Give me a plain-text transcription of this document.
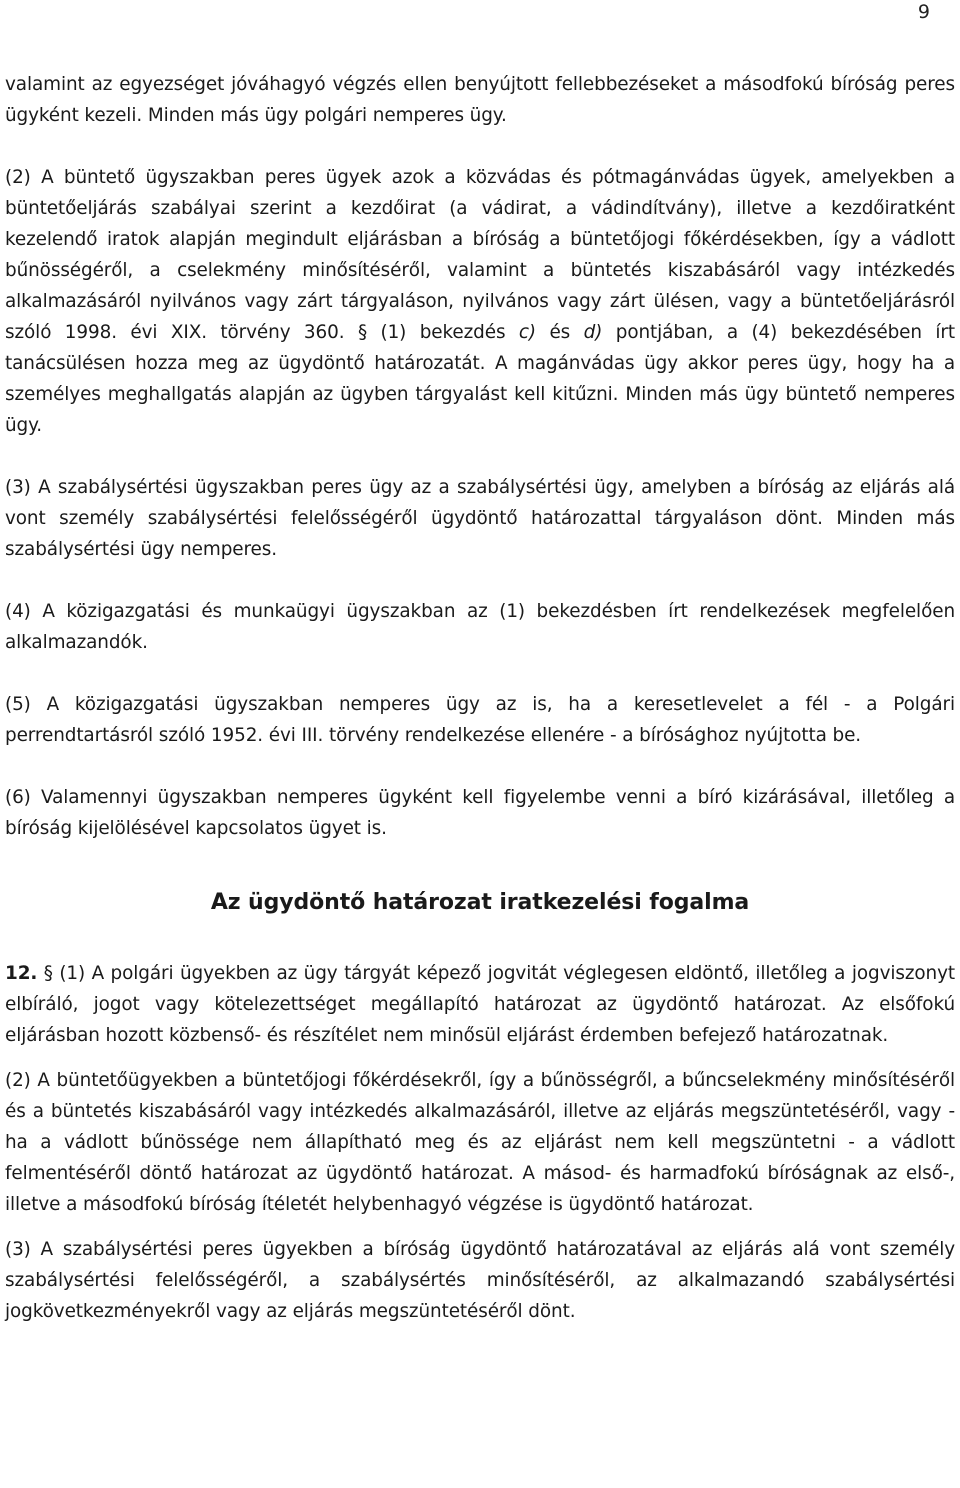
9

valamint az egyezséget jóváhagyó végzés ellen benyújtott fellebbezéseket a másodfokú bíróság peres ügyként kezeli. Minden más ügy polgári nemperes ügy.

(2) A büntető ügyszakban peres ügyek azok a közvádas és pótmagánvádas ügyek, amelyekben a büntetőeljárás szabályai szerint a kezdőirat (a vádirat, a vádindítvány), illetve a kezdőiratként kezelendő iratok alapján megindult eljárásban a bíróság a büntetőjogi főkérdésekben, így a vádlott bűnösségéről, a cselekmény minősítéséről, valamint a büntetés kiszabásáról vagy intézkedés alkalmazásáról nyilvános vagy zárt tárgyaláson, nyilvános vagy zárt ülésen, vagy a büntetőeljárásról szóló 1998. évi XIX. törvény 360. § (1) bekezdés c) és d) pontjában, a (4) bekezdésében írt tanácsülésen hozza meg az ügydöntő határozatát. A magánvádas ügy akkor peres ügy, hogy ha a személyes meghallgatás alapján az ügyben tárgyalást kell kitűzni. Minden más ügy büntető nemperes ügy.

(3) A szabálysértési ügyszakban peres ügy az a szabálysértési ügy, amelyben a bíróság az eljárás alá vont személy szabálysértési felelősségéről ügydöntő határozattal tárgyaláson dönt. Minden más szabálysértési ügy nemperes.

(4) A közigazgatási és munkaügyi ügyszakban az (1) bekezdésben írt rendelkezések megfelelően alkalmazandók.

(5) A közigazgatási ügyszakban nemperes ügy az is, ha a keresetlevelet a fél - a Polgári perrendtartásról szóló 1952. évi III. törvény rendelkezése ellenére - a bírósághoz nyújtotta be.

(6) Valamennyi ügyszakban nemperes ügyként kell figyelembe venni a bíró kizárásával, illetőleg a bíróság kijelölésével kapcsolatos ügyet is.

Az ügydöntő határozat iratkezelési fogalma

12. § (1) A polgári ügyekben az ügy tárgyát képező jogvitát véglegesen eldöntő, illetőleg a jogviszonyt elbíráló, jogot vagy kötelezettséget megállapító határozat az ügydöntő határozat. Az elsőfokú eljárásban hozott közbenső- és részítélet nem minősül eljárást érdemben befejező határozatnak.

(2) A büntetőügyekben a büntetőjogi főkérdésekről, így a bűnösségről, a bűncselekmény minősítéséről és a büntetés kiszabásáról vagy intézkedés alkalmazásáról, illetve az eljárás megszüntetéséről, vagy - ha a vádlott bűnössége nem állapítható meg és az eljárást nem kell megszüntetni - a vádlott felmentéséről döntő határozat az ügydöntő határozat. A másod- és harmadfokú bíróságnak az első-, illetve a másodfokú bíróság ítéletét helybenhagyó végzése is ügydöntő határozat.

(3) A szabálysértési peres ügyekben a bíróság ügydöntő határozatával az eljárás alá vont személy szabálysértési felelősségéről, a szabálysértés minősítéséről, az alkalmazandó szabálysértési jogkövetkezményekről vagy az eljárás megszüntetéséről dönt.
